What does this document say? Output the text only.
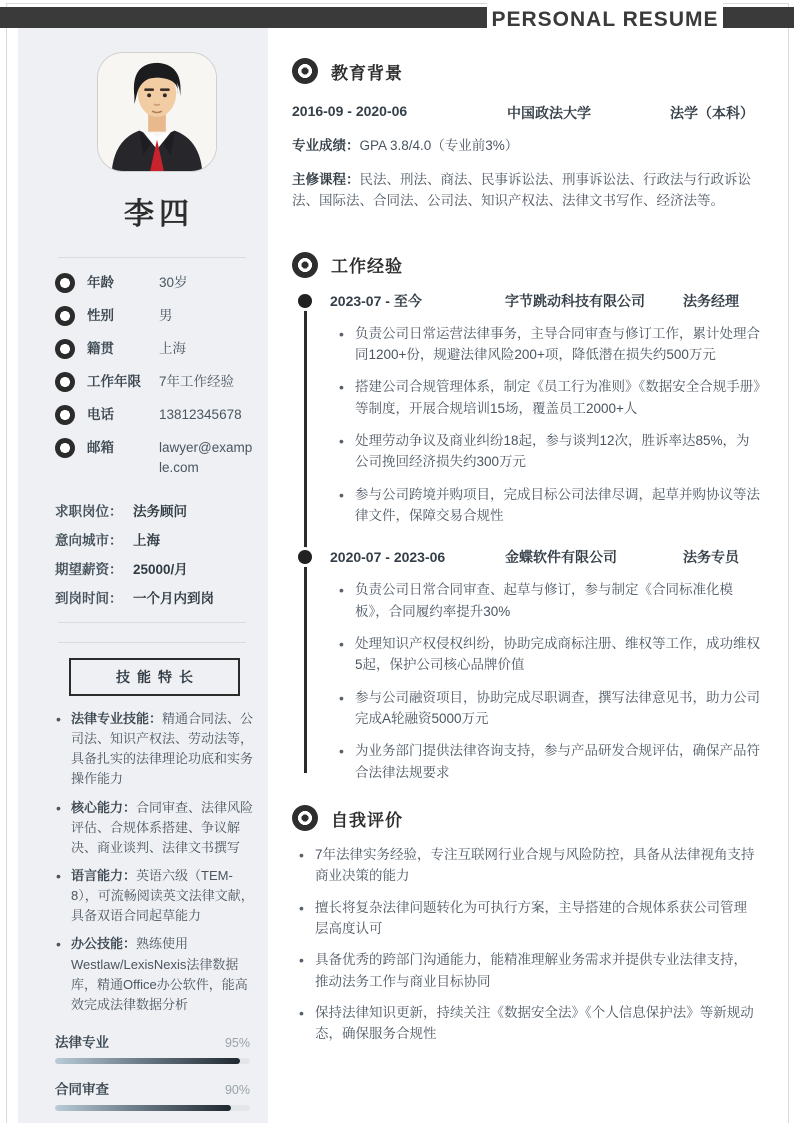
李四
年龄	30岁
性别	男
籍贯	上海
工作年限	7年工作经验
电话	13812345678
邮箱	lawyer@example.com
求职岗位： 法务顾问
意向城市： 上海
期望薪资： 25000/月
到岗时间： 一个月内到岗
技能特长
• 法律专业技能：精通合同法、公司法、知识产权法、劳动法等，具备扎实的法律理论功底和实务操作能力
• 核心能力：合同审查、法律风险评估、合规体系搭建、争议解决、商业谈判、法律文书撰写
• 语言能力：英语六级（TEM-8），可流畅阅读英文法律文献，具备双语合同起草能力
• 办公技能：熟练使用Westlaw/LexisNexis法律数据库，精通Office办公软件，能高效完成法律数据分析
法律专业	95%
合同审查	90%
教育背景
2016-09 - 2020-06	中国政法大学	法学（本科）
专业成绩：GPA 3.8/4.0（专业前3%）
主修课程：民法、刑法、商法、民事诉讼法、刑事诉讼法、行政法与行政诉讼法、国际法、合同法、公司法、知识产权法、法律文书写作、经济法等。
工作经验
2023-07 - 至今	字节跳动科技有限公司	法务经理
• 负责公司日常运营法律事务，主导合同审查与修订工作，累计处理合同1200+份，规避法律风险200+项，降低潜在损失约500万元
• 搭建公司合规管理体系，制定《员工行为准则》《数据安全合规手册》等制度，开展合规培训15场，覆盖员工2000+人
• 处理劳动争议及商业纠纷18起，参与谈判12次，胜诉率达85%，为公司挽回经济损失约300万元
• 参与公司跨境并购项目，完成目标公司法律尽调，起草并购协议等法律文件，保障交易合规性
2020-07 - 2023-06	金蝶软件有限公司	法务专员
• 负责公司日常合同审查、起草与修订，参与制定《合同标准化模板》，合同履约率提升30%
• 处理知识产权侵权纠纷，协助完成商标注册、维权等工作，成功维权5起，保护公司核心品牌价值
• 参与公司融资项目，协助完成尽职调查，撰写法律意见书，助力公司完成A轮融资5000万元
• 为业务部门提供法律咨询支持，参与产品研发合规评估，确保产品符合法律法规要求
自我评价
• 7年法律实务经验，专注互联网行业合规与风险防控，具备从法律视角支持商业决策的能力
• 擅长将复杂法律问题转化为可执行方案，主导搭建的合规体系获公司管理层高度认可
• 具备优秀的跨部门沟通能力，能精准理解业务需求并提供专业法律支持，推动法务工作与商业目标协同
• 保持法律知识更新，持续关注《数据安全法》《个人信息保护法》等新规动态，确保服务合规性
PERSONAL RESUME
